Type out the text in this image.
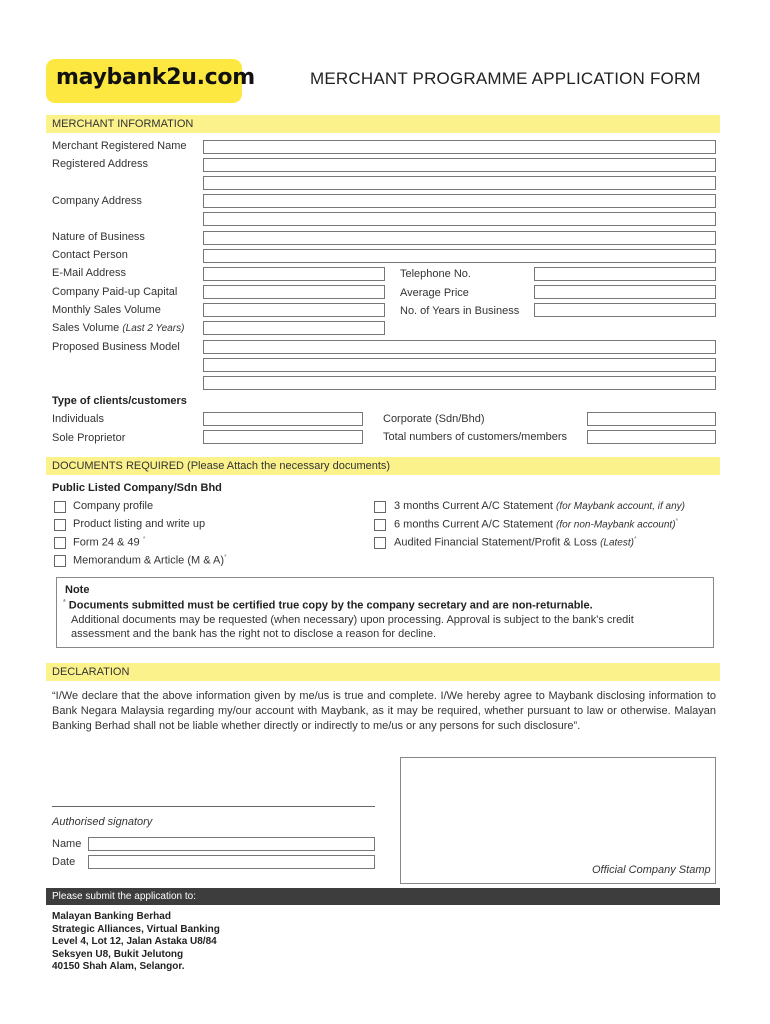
maybank2u.com	MERCHANT PROGRAMME APPLICATION FORM
MERCHANT INFORMATION
Merchant Registered Name
Registered Address
Company Address
Nature of Business
Contact Person
E-Mail Address	Telephone No.
Company Paid-up Capital	Average Price
Monthly Sales Volume	No. of Years in Business
Sales Volume (Last 2 Years)
Proposed Business Model
Type of clients/customers
Individuals	Corporate (Sdn/Bhd)
Sole Proprietor	Total numbers of customers/members
DOCUMENTS REQUIRED (Please Attach the necessary documents)
Public Listed Company/Sdn Bhd
Company profile	3 months Current A/C Statement (for Maybank account, if any)
Product listing and write up	6 months Current A/C Statement (for non-Maybank account)*
Form 24 & 49 *	Audited Financial Statement/Profit & Loss (Latest)*
Memorandum & Article (M & A)*
Note
* Documents submitted must be certified true copy by the company secretary and are non-returnable.
Additional documents may be requested (when necessary) upon processing. Approval is subject to the bank's credit
assessment and the bank has the right not to disclose a reason for decline.
DECLARATION
“I/We declare that the above information given by me/us is true and complete. I/We hereby agree to Maybank disclosing information to Bank Negara Malaysia regarding my/our account with Maybank, as it may be required, whether pursuant to law or otherwise. Malayan Banking Berhad shall not be liable whether directly or indirectly to me/us or any persons for such disclosure”.
Authorised signatory
Name
Date
Official Company Stamp
Please submit the application to:
Malayan Banking Berhad
Strategic Alliances, Virtual Banking
Level 4, Lot 12, Jalan Astaka U8/84
Seksyen U8, Bukit Jelutong
40150 Shah Alam, Selangor.
